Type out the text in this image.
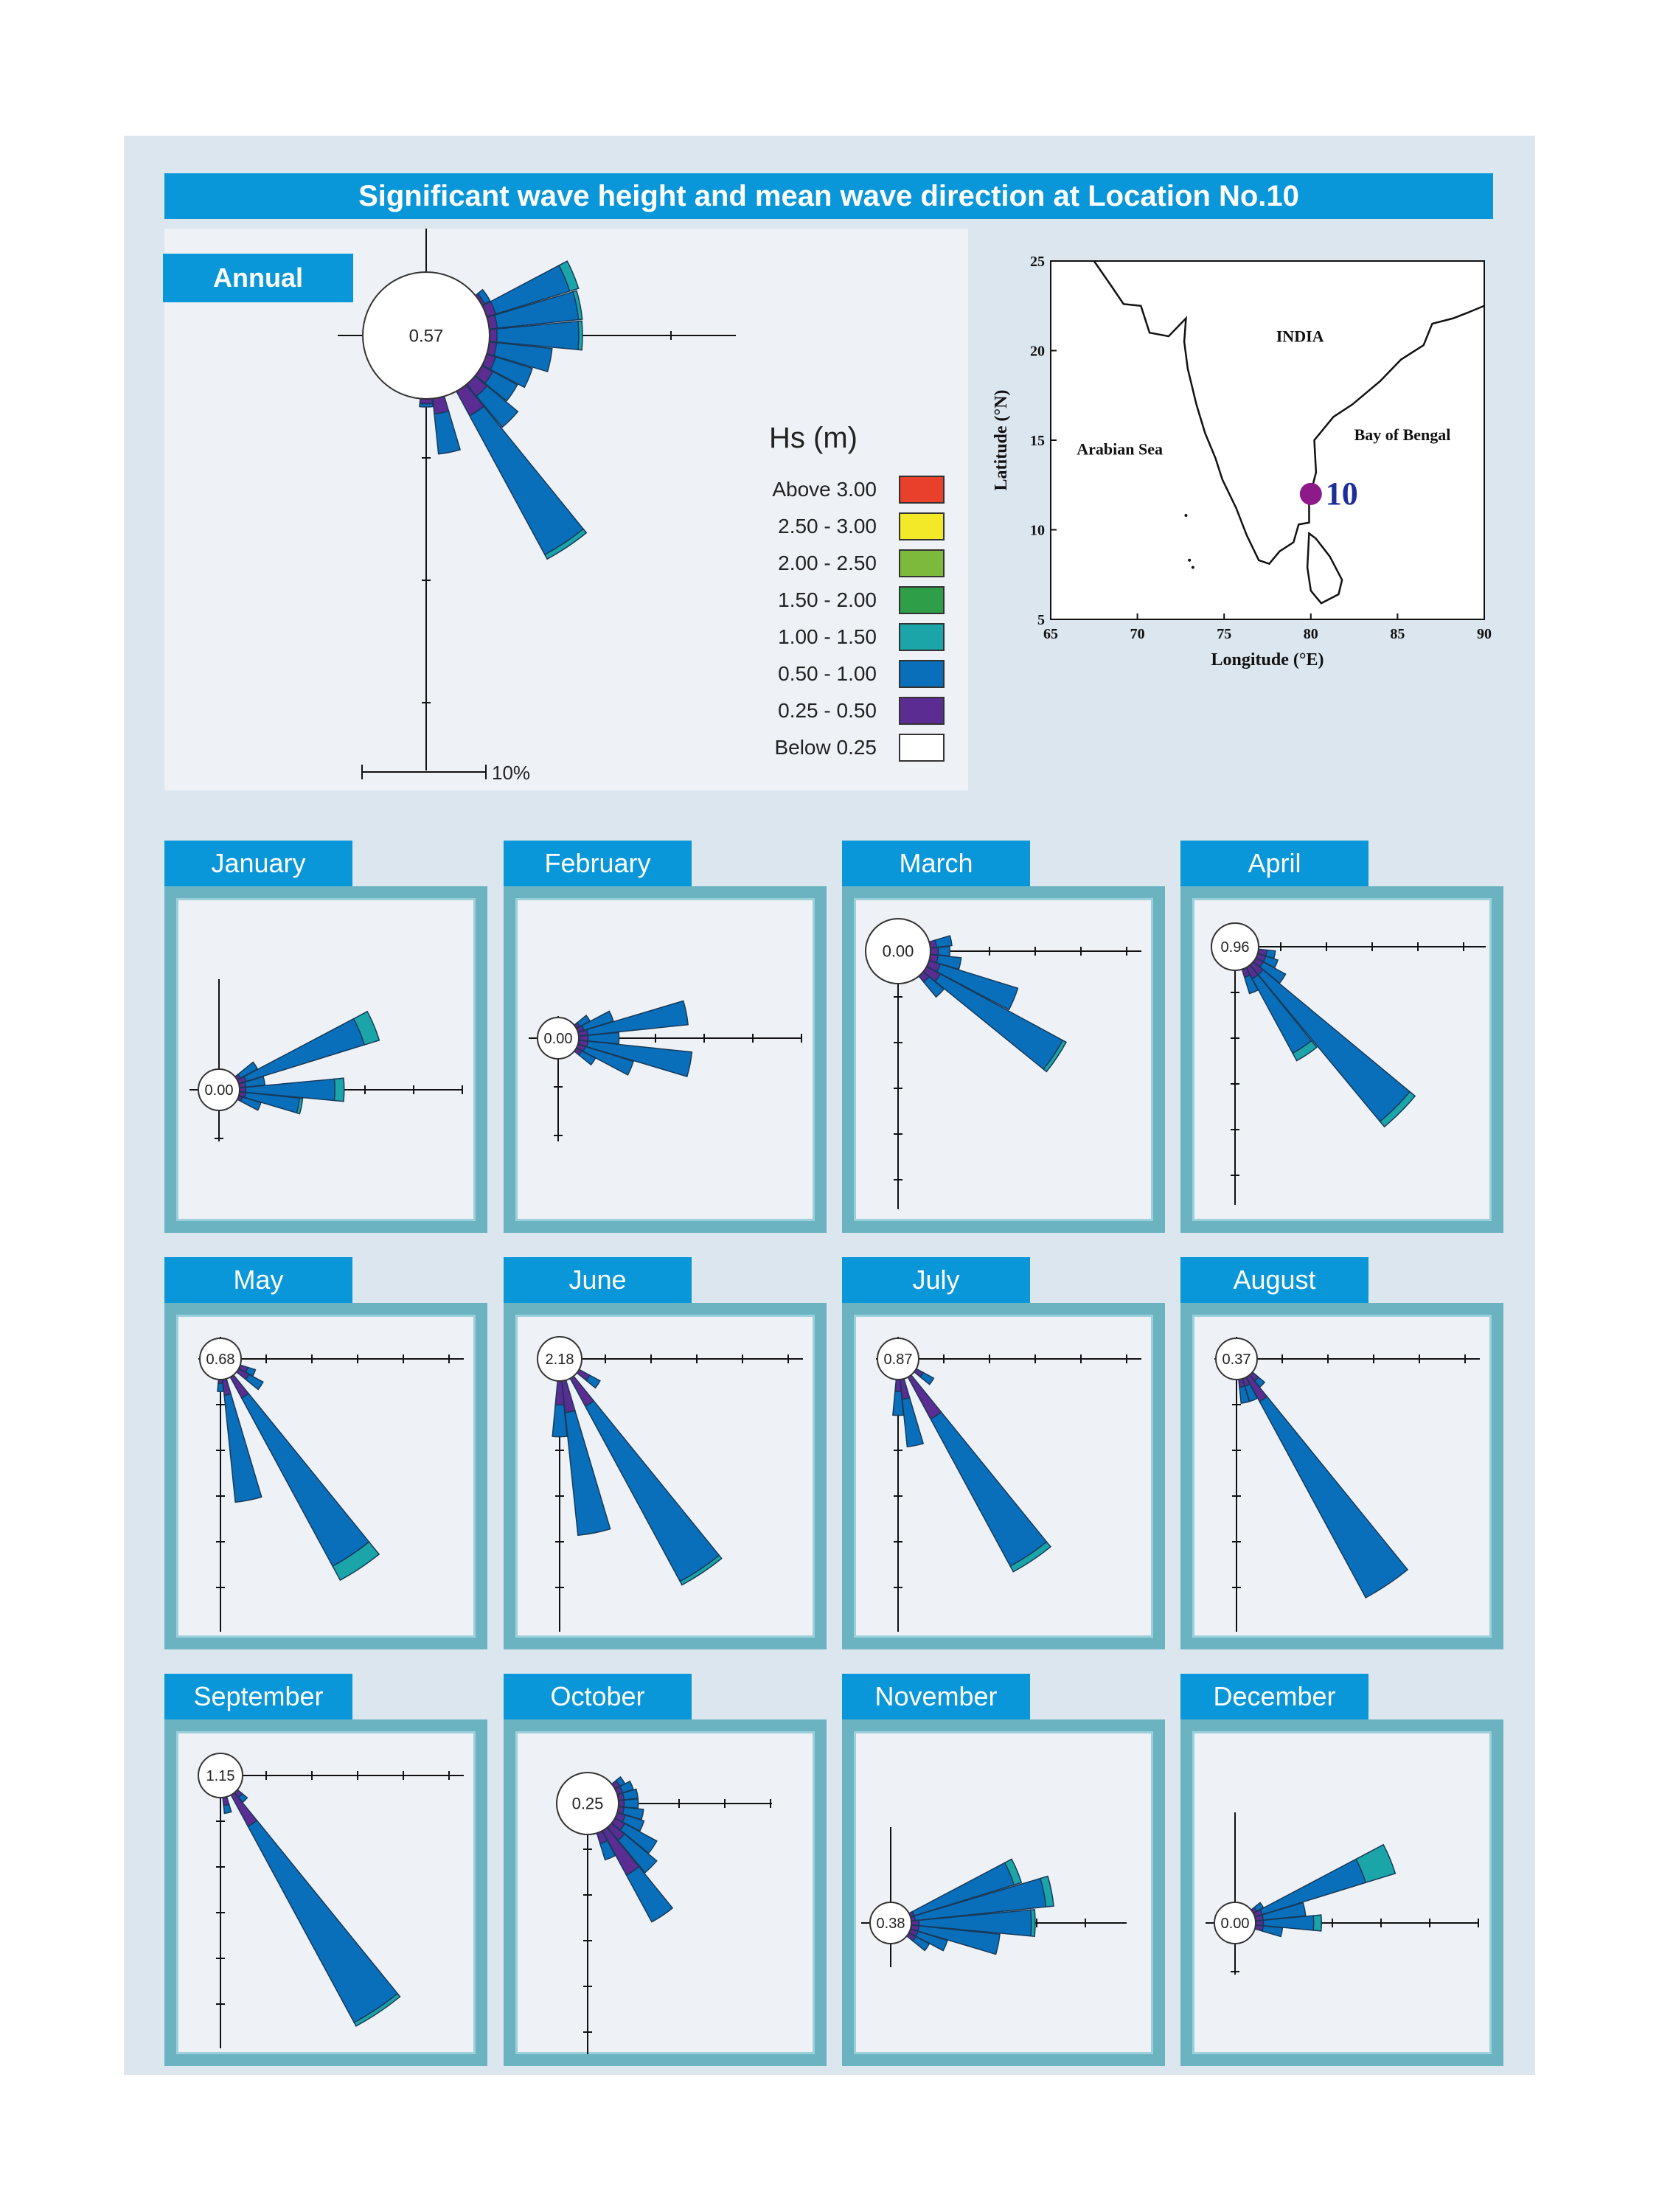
Significant wave height and mean wave direction at Location No.10
Annual
0.57
10%
Hs (m)
Above 3.00
2.50 - 3.00
2.00 - 2.50
1.50 - 2.00
1.00 - 1.50
0.50 - 1.00
0.25 - 0.50
Below 0.25
65	70	75	80	85	90
5
10
15
20
25
Longitude (°E)
Latitude (°N)
INDIA
Arabian Sea
Bay of Bengal
10
January
0.00
February
0.00
March
0.00
April
0.96
May
0.68
June
2.18
July
0.87
August
0.37
September
1.15
October
0.25
November
0.38
December
0.00
